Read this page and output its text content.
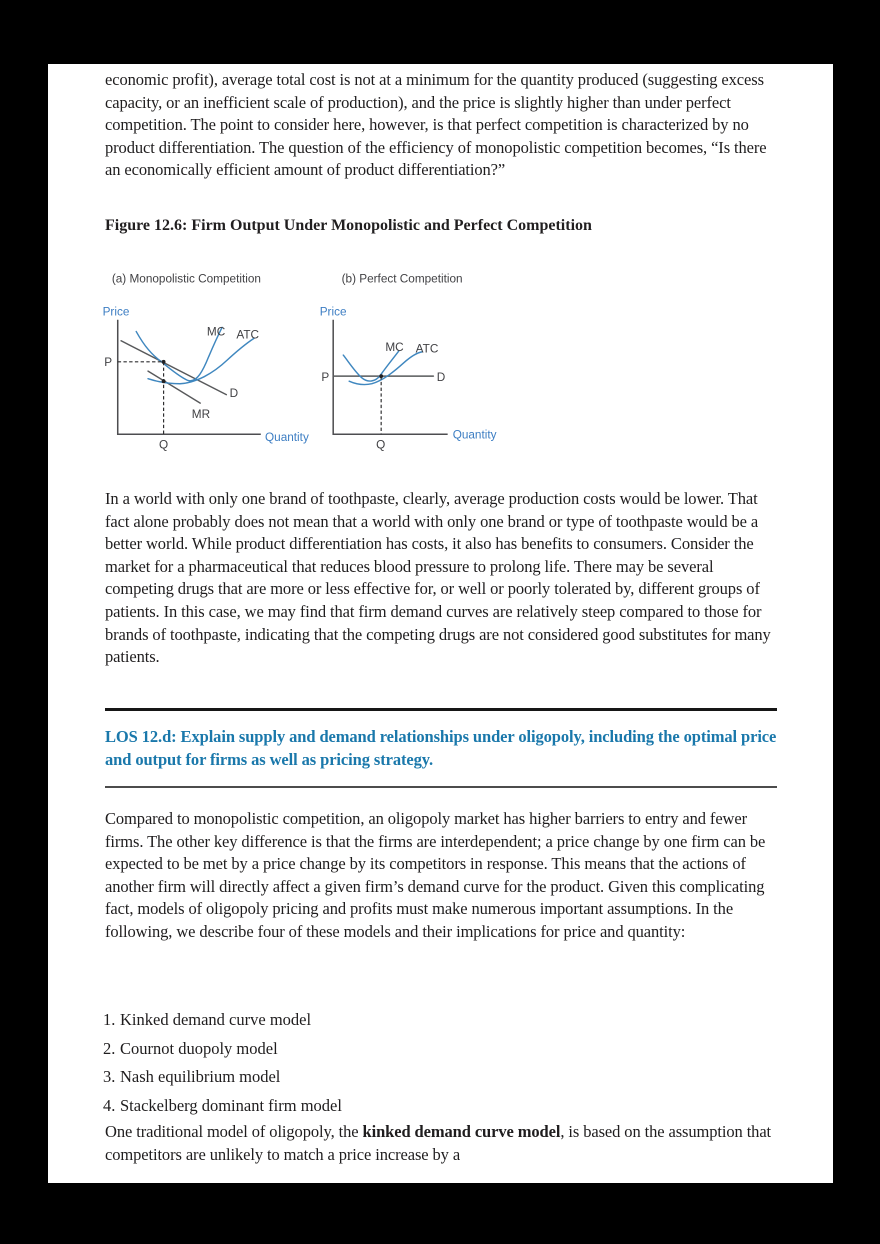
economic profit), average total cost is not at a minimum for the quantity produced (suggesting excess capacity, or an inefficient scale of production), and the price is slightly higher than under perfect competition. The point to consider here, however, is that perfect competition is characterized by no product differentiation. The question of the efficiency of monopolistic competition becomes, “Is there an economically efficient amount of product differentiation?”

Figure 12.6: Firm Output Under Monopolistic and Perfect Competition
(a) Monopolistic Competition	(b) Perfect Competition
Price
Quantity
D
MR
MC ATC
P
Q
Price
Quantity
D
P
MC ATC
Q

In a world with only one brand of toothpaste, clearly, average production costs would be lower. That fact alone probably does not mean that a world with only one brand or type of toothpaste would be a better world. While product differentiation has costs, it also has benefits to consumers. Consider the market for a pharmaceutical that reduces blood pressure to prolong life. There may be several competing drugs that are more or less effective for, or well or poorly tolerated by, different groups of patients. In this case, we may find that firm demand curves are relatively steep compared to those for brands of toothpaste, indicating that the competing drugs are not considered good substitutes for many patients.

LOS 12.d: Explain supply and demand relationships under oligopoly, including the optimal price and output for firms as well as pricing strategy.

Compared to monopolistic competition, an oligopoly market has higher barriers to entry and fewer firms. The other key difference is that the firms are interdependent; a price change by one firm can be expected to be met by a price change by its competitors in response. This means that the actions of another firm will directly affect a given firm’s demand curve for the product. Given this complicating fact, models of oligopoly pricing and profits must make numerous important assumptions. In the following, we describe four of these models and their implications for price and quantity:

1. Kinked demand curve model
2. Cournot duopoly model
3. Nash equilibrium model
4. Stackelberg dominant firm model

One traditional model of oligopoly, the kinked demand curve model, is based on the assumption that competitors are unlikely to match a price increase by a
